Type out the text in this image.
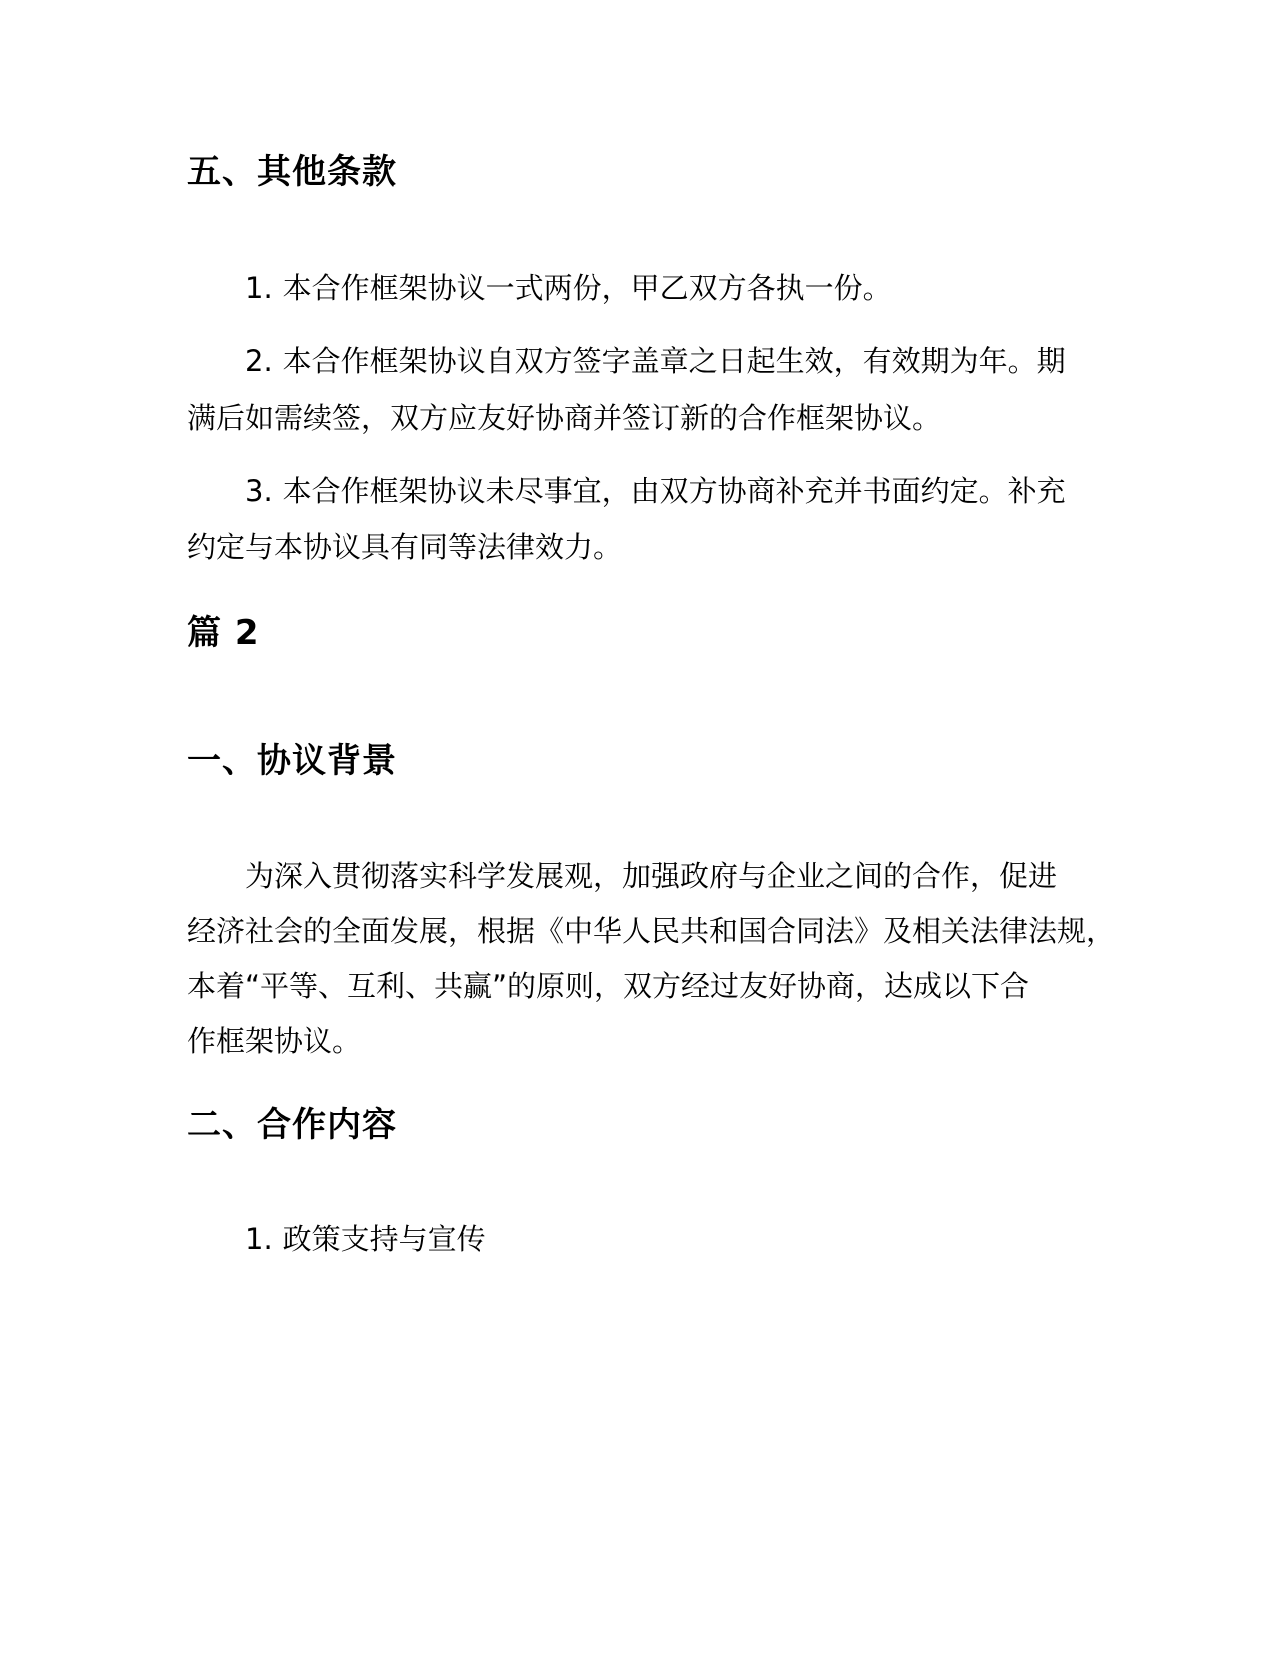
五、其他条款

1. 本合作框架协议一式两份，甲乙双方各执一份。

2. 本合作框架协议自双方签字盖章之日起生效，有效期为年。期

满后如需续签，双方应友好协商并签订新的合作框架协议。

3. 本合作框架协议未尽事宜，由双方协商补充并书面约定。补充

约定与本协议具有同等法律效力。

篇 2
一、协议背景

为深入贯彻落实科学发展观，加强政府与企业之间的合作，促进

经济社会的全面发展，根据《中华人民共和国合同法》及相关法律法规，

本着“平等、互利、共赢”的原则，双方经过友好协商，达成以下合

作框架协议。

二、合作内容

1. 政策支持与宣传
